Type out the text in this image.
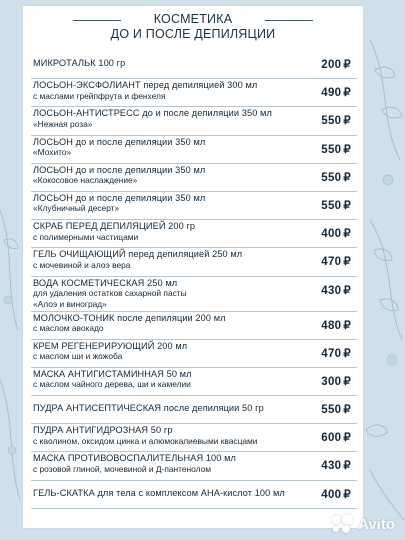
КОСМЕТИКА
ДО И ПОСЛЕ ДЕПИЛЯЦИИ
МИКРОТАЛЬК 100 гр	200 ₽
ЛОСЬОН-ЭКСФОЛИАНТ перед депиляцией 300 мл
с маслами грейпфрута и фенхеля	490 ₽
ЛОСЬОН-АНТИСТРЕСС до и после депиляции 350 мл
«Нежная роза»	550 ₽
ЛОСЬОН до и после депиляции 350 мл
«Мохито»	550 ₽
ЛОСЬОН до и после депиляции 350 мл
«Кокосовое наслаждение»	550 ₽
ЛОСЬОН до и после депиляции 350 мл
«Клубничный десерт»	550 ₽
СКРАБ ПЕРЕД ДЕПИЛЯЦИЕЙ 200 гр
с полимерными частицами	400 ₽
ГЕЛЬ ОЧИЩАЮЩИЙ перед депиляцией 250 мл
с мочевиной и алоэ вера	470 ₽
ВОДА КОСМЕТИЧЕСКАЯ 250 мл
для удаления остатков сахарной пасты
«Алоэ и виноград»
430 ₽
МОЛОЧКО-ТОНИК после депиляции 200 мл
с маслом авокадо	480 ₽
КРЕМ РЕГЕНЕРИРУЮЩИЙ 200 мл
с маслом ши и жожоба	470 ₽
МАСКА АНТИГИСТАМИННАЯ 50 мл
с маслом чайного дерева, ши и камелии	300 ₽
ПУДРА АНТИСЕПТИЧЕСКАЯ после депиляции 50 гр	550 ₽
ПУДРА АНТИГИДРОЗНАЯ 50 гр
с каолином, оксидом цинка и алюмокалиевыми квасцами	600 ₽
МАСКА ПРОТИВОВОСПАЛИТЕЛЬНАЯ 100 мл
с розовой глиной, мочевиной и Д-пантенолом	430 ₽
ГЕЛЬ-СКАТКА для тела с комплексом АНА-кислот 100 мл	400 ₽
Avito
